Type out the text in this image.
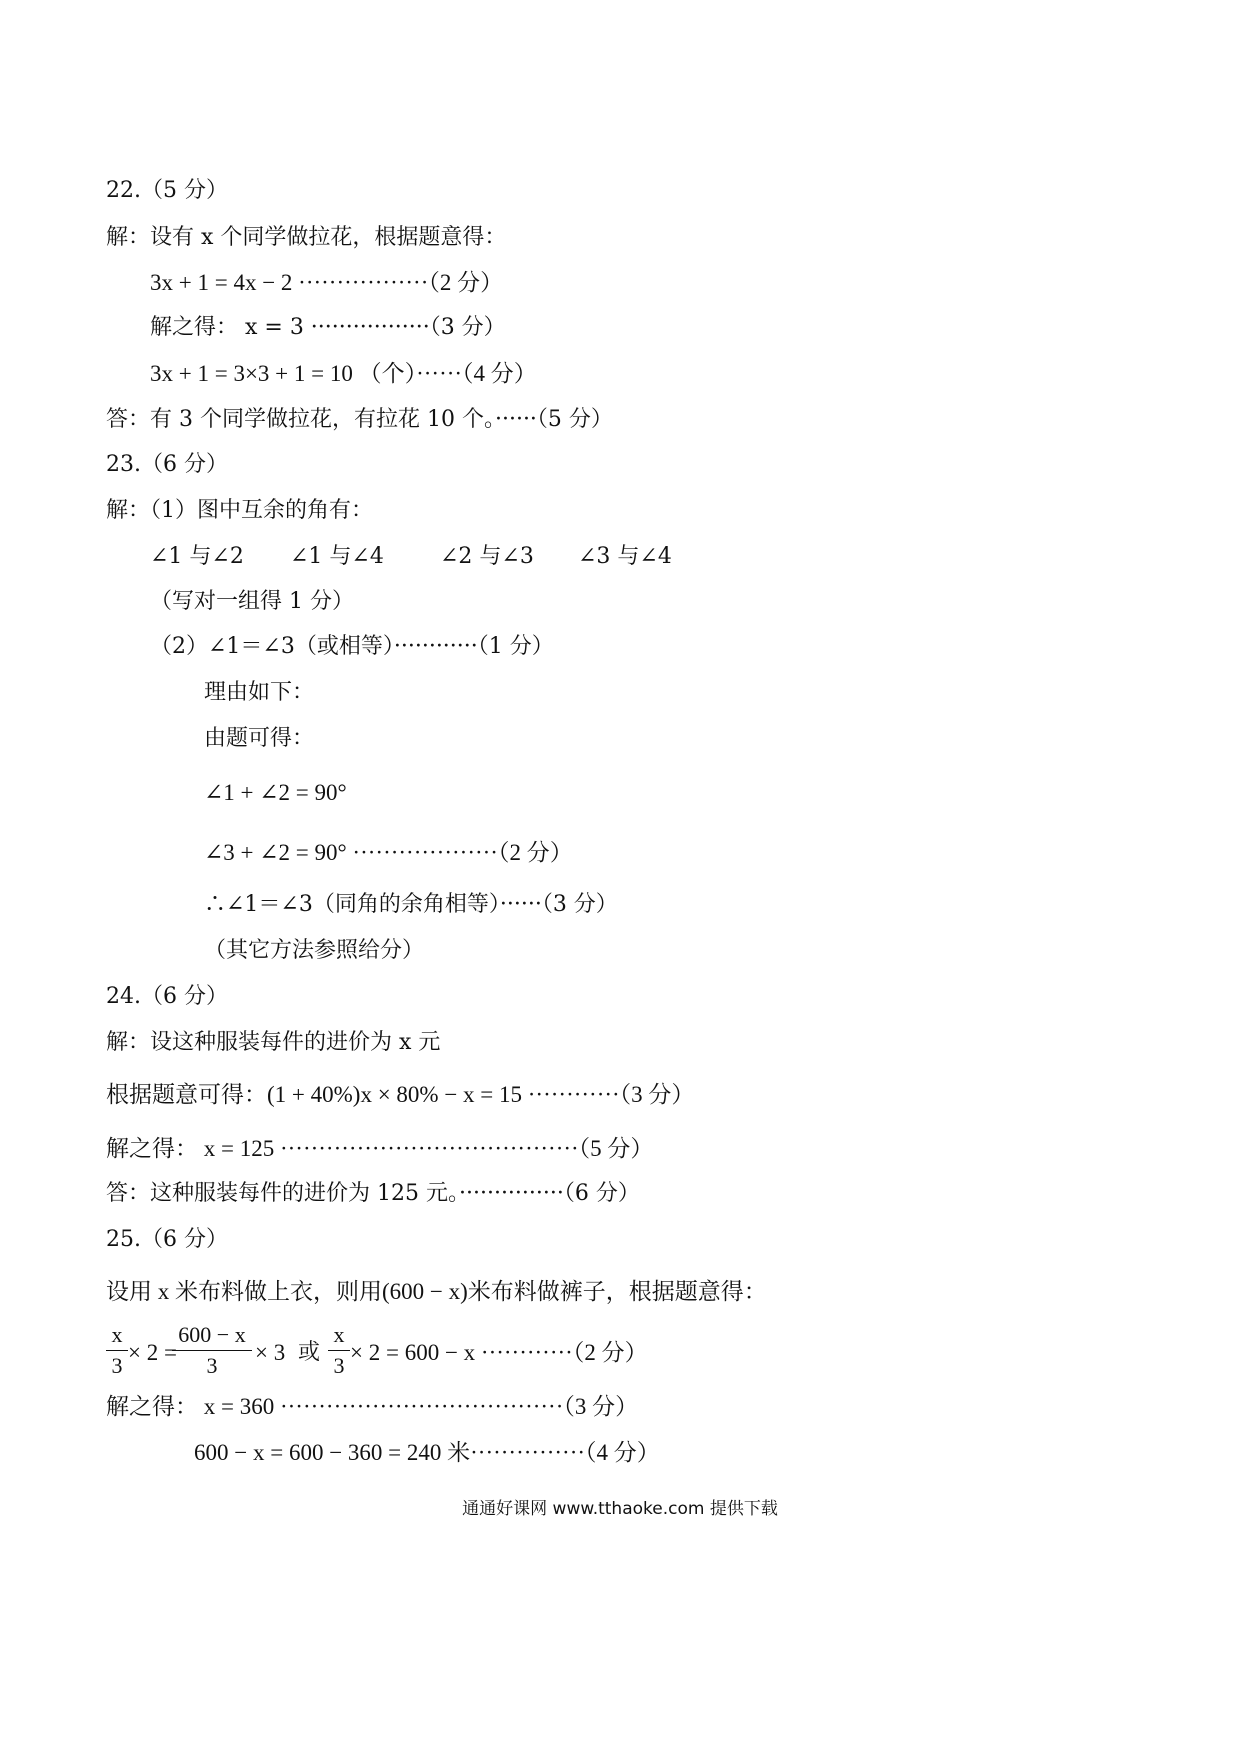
22.（5 分）
解：设有 x 个同学做拉花，根据题意得：
3x + 1 = 4x − 2 ·················（2 分）
解之得： x = 3 ·················（3 分）
3x + 1 = 3×3 + 1 = 10 （个）······（4 分）
答：有 3 个同学做拉花，有拉花 10 个。······（5 分）
23.（6 分）
解：（1）图中互余的角有：
∠1 与∠2 ∠1 与∠4	∠2 与∠3 ∠3 与∠4
（写对一组得 1 分）
（2）∠1＝∠3（或相等）············（1 分）
理由如下：
由题可得：
∠1 + ∠2 = 90°
∠3 + ∠2 = 90° ···················（2 分）
∴∠1＝∠3（同角的余角相等）······（3 分）
（其它方法参照给分）
24.（6 分）
解：设这种服装每件的进价为 x 元
根据题意可得：(1 + 40%)x × 80% − x = 15 ············（3 分）
解之得： x = 125 ·······································（5 分）
答：这种服装每件的进价为 125 元。···············（6 分）
25.（6 分）
设用 x 米布料做上衣，则用(600 − x)米布料做裤子，根据题意得：
x
3
× 2 =
600 − x
3
× 3 或
x
3
× 2 = 600 − x ············（2 分）
解之得： x = 360 ·····································（3 分）
600 − x = 600 − 360 = 240 米···············（4 分）
通通好课网 www.tthaoke.com 提供下载
